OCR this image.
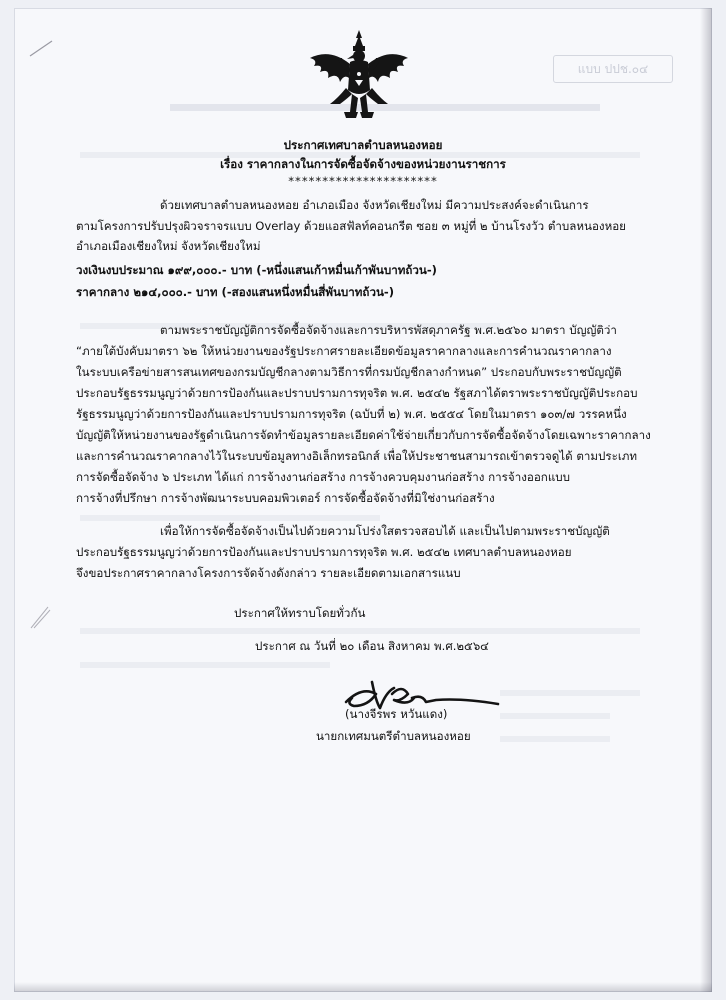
แบบ ปปช.๐๔
ประกาศเทศบาลตำบลหนองหอย
เรื่อง ราคากลางในการจัดซื้อจัดจ้างของหน่วยงานราชการ
**********************
ด้วยเทศบาลตำบลหนองหอย อำเภอเมือง จังหวัดเชียงใหม่ มีความประสงค์จะดำเนินการ
ตามโครงการปรับปรุงผิวจราจรแบบ Overlay ด้วยแอสฟัลท์คอนกรีต ซอย ๓ หมู่ที่ ๒ บ้านโรงวัว ตำบลหนองหอย
อำเภอเมืองเชียงใหม่ จังหวัดเชียงใหม่
วงเงินงบประมาณ ๑๙๙,๐๐๐.- บาท (-หนึ่งแสนเก้าหมื่นเก้าพันบาทถ้วน-)
ราคากลาง ๒๑๔,๐๐๐.- บาท (-สองแสนหนึ่งหมื่นสี่พันบาทถ้วน-)
ตามพระราชบัญญัติการจัดซื้อจัดจ้างและการบริหารพัสดุภาครัฐ พ.ศ.๒๕๖๐ มาตรา บัญญัติว่า
“ภายใต้บังคับมาตรา ๖๒ ให้หน่วยงานของรัฐประกาศรายละเอียดข้อมูลราคากลางและการคำนวณราคากลาง
ในระบบเครือข่ายสารสนเทศของกรมบัญชีกลางตามวิธีการที่กรมบัญชีกลางกำหนด” ประกอบกับพระราชบัญญัติ
ประกอบรัฐธรรมนูญว่าด้วยการป้องกันและปราบปรามการทุจริต พ.ศ. ๒๕๔๒ รัฐสภาได้ตราพระราชบัญญัติประกอบ
รัฐธรรมนูญว่าด้วยการป้องกันและปราบปรามการทุจริต (ฉบับที่ ๒) พ.ศ. ๒๕๕๔ โดยในมาตรา ๑๐๓/๗ วรรคหนึ่ง
บัญญัติให้หน่วยงานของรัฐดำเนินการจัดทำข้อมูลรายละเอียดค่าใช้จ่ายเกี่ยวกับการจัดซื้อจัดจ้างโดยเฉพาะราคากลาง
และการคำนวณราคากลางไว้ในระบบข้อมูลทางอิเล็กทรอนิกส์ เพื่อให้ประชาชนสามารถเข้าตรวจดูได้ ตามประเภท
การจัดซื้อจัดจ้าง ๖ ประเภท ได้แก่ การจ้างงานก่อสร้าง การจ้างควบคุมงานก่อสร้าง การจ้างออกแบบ
การจ้างที่ปรึกษา การจ้างพัฒนาระบบคอมพิวเตอร์ การจัดซื้อจัดจ้างที่มิใช่งานก่อสร้าง
เพื่อให้การจัดซื้อจัดจ้างเป็นไปด้วยความโปร่งใสตรวจสอบได้ และเป็นไปตามพระราชบัญญัติ
ประกอบรัฐธรรมนูญว่าด้วยการป้องกันและปราบปรามการทุจริต พ.ศ. ๒๕๔๒ เทศบาลตำบลหนองหอย
จึงขอประกาศราคากลางโครงการจัดจ้างดังกล่าว รายละเอียดตามเอกสารแนบ
ประกาศให้ทราบโดยทั่วกัน
ประกาศ ณ วันที่ ๒๐ เดือน สิงหาคม พ.ศ.๒๕๖๔
(นางจีรพร หวันแดง)
นายกเทศมนตรีตำบลหนองหอย
